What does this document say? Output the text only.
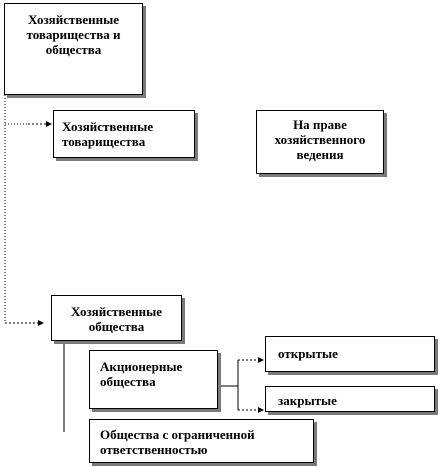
Хозяйственные товарищества и общества
Хозяйственные товарищества
На праве хозяйственного ведения
Хозяйственные общества
Акционерные общества
открытые
закрытые
Общества с ограниченной ответственностью
